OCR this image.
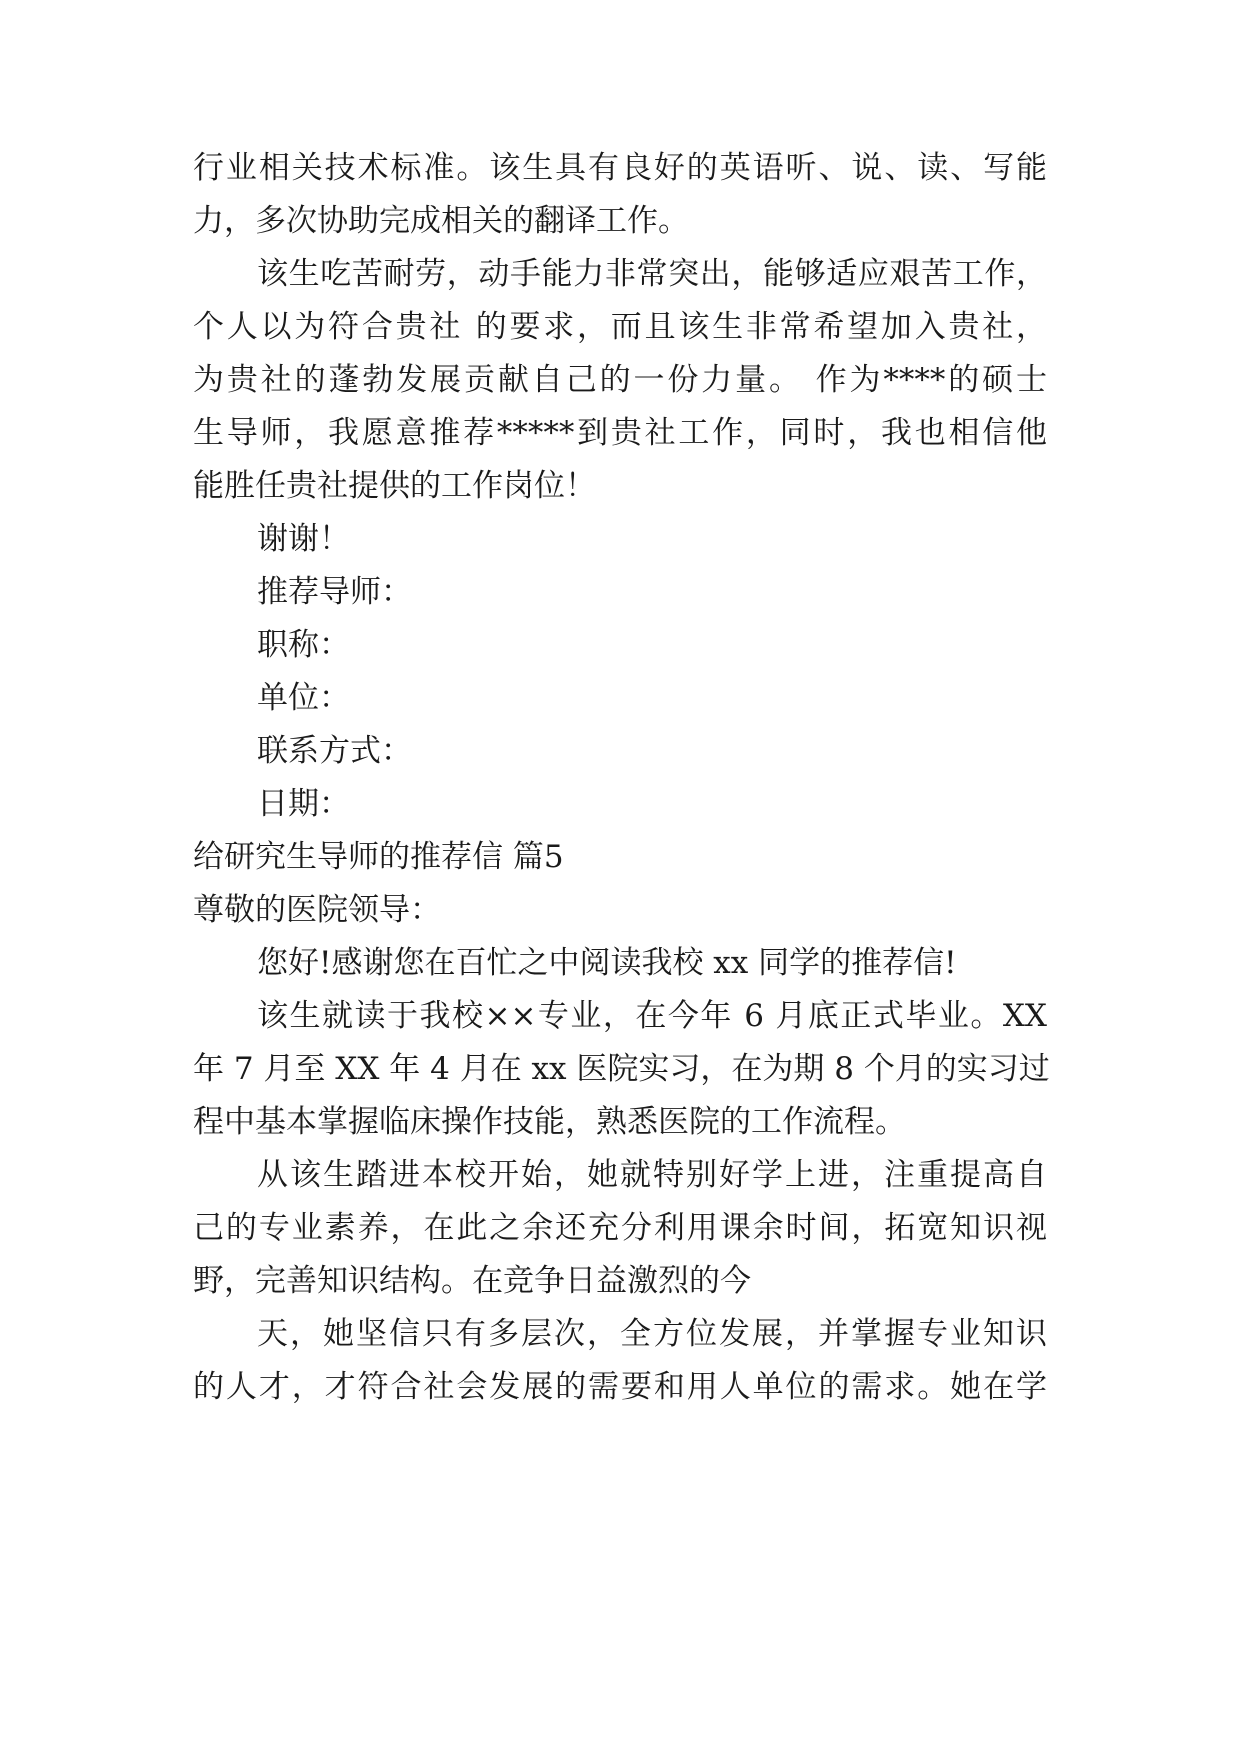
行业相关技术标准。该生具有良好的英语听、说、读、写能
力，多次协助完成相关的翻译工作。
该生吃苦耐劳，动手能力非常突出，能够适应艰苦工作，
个人以为符合贵社 的要求，而且该生非常希望加入贵社，
为贵社的蓬勃发展贡献自己的一份力量。 作为****的硕士
生导师，我愿意推荐*****到贵社工作，同时，我也相信他
能胜任贵社提供的工作岗位！
谢谢！
推荐导师：
职称：
单位：
联系方式：
日期：
给研究生导师的推荐信 篇5
尊敬的医院领导：
您好!感谢您在百忙之中阅读我校 xx 同学的推荐信!
该生就读于我校××专业，在今年 6 月底正式毕业。XX
年 7 月至 XX 年 4 月在 xx 医院实习，在为期 8 个月的实习过
程中基本掌握临床操作技能，熟悉医院的工作流程。
从该生踏进本校开始，她就特别好学上进，注重提高自
己的专业素养，在此之余还充分利用课余时间，拓宽知识视
野，完善知识结构。在竞争日益激烈的今
天，她坚信只有多层次，全方位发展，并掌握专业知识
的人才，才符合社会发展的需要和用人单位的需求。她在学
